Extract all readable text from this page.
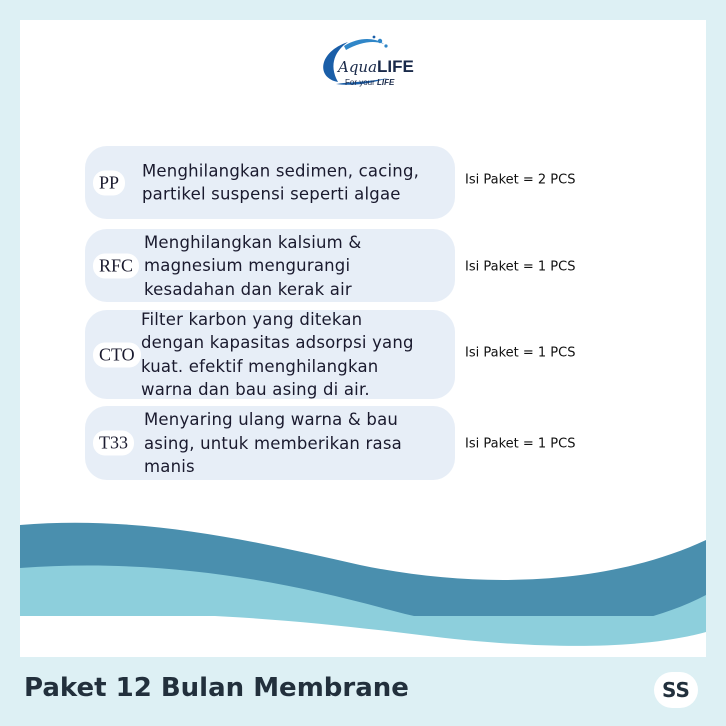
AquaLIFE
For your LIFE
PP
Menghilangkan sedimen, cacing,
partikel suspensi seperti algae
Isi Paket = 2 PCS
RFC
Menghilangkan kalsium &
magnesium mengurangi
kesadahan dan kerak air
Isi Paket = 1 PCS
CTO
Filter karbon yang ditekan
dengan kapasitas adsorpsi yang
kuat. efektif menghilangkan
warna dan bau asing di air.
Isi Paket = 1 PCS
T33
Menyaring ulang warna & bau
asing, untuk memberikan rasa
manis
Isi Paket = 1 PCS
Paket 12 Bulan Membrane	SS
